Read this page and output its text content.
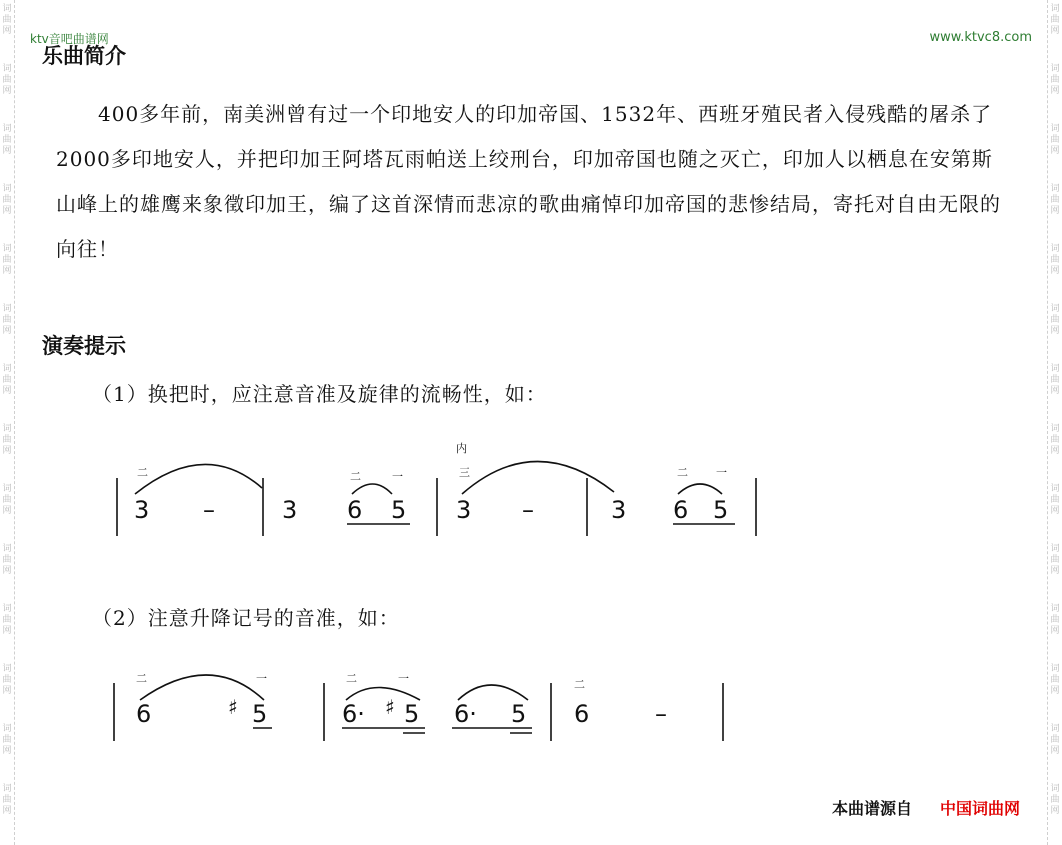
ktv音吧曲谱网	www.ktvc8.com
乐曲简介
400多年前，南美洲曾有过一个印地安人的印加帝国、1532年、西班牙殖民者入侵残酷的屠杀了2000多印地安人，并把印加王阿塔瓦雨帕送上绞刑台，印加帝国也随之灭亡，印加人以栖息在安第斯山峰上的雄鹰来象徵印加王，编了这首深情而悲凉的歌曲痛悼印加帝国的悲惨结局，寄托对自由无限的向往！
演奏提示
（1）换把时，应注意音准及旋律的流畅性，如：
（2）注意升降记号的音准，如：
3 –	3 6 5 3 –	3 6 5
6	♯ 5	6· ♯ 5 6· 5 6	–
二	二	一
内
三	二	一
二	一	二	一	二
本曲谱源自 中国词曲网
词
曲
网
词
曲
网
词
曲
网
词
曲
网
词
曲
网
词
曲
网
词
曲
网
词
曲
网
词
曲
网
词
曲
网
词
曲
网
词
曲
网
词
曲
网
词
曲
网
词
曲
网
词
曲
网
词
曲
网
词
曲
网
词
曲
网
词
曲
网
词
曲
网
词
曲
网
词
曲
网
词
曲
网
词
曲
网
词
曲
网
词
曲
网
词
曲
网
